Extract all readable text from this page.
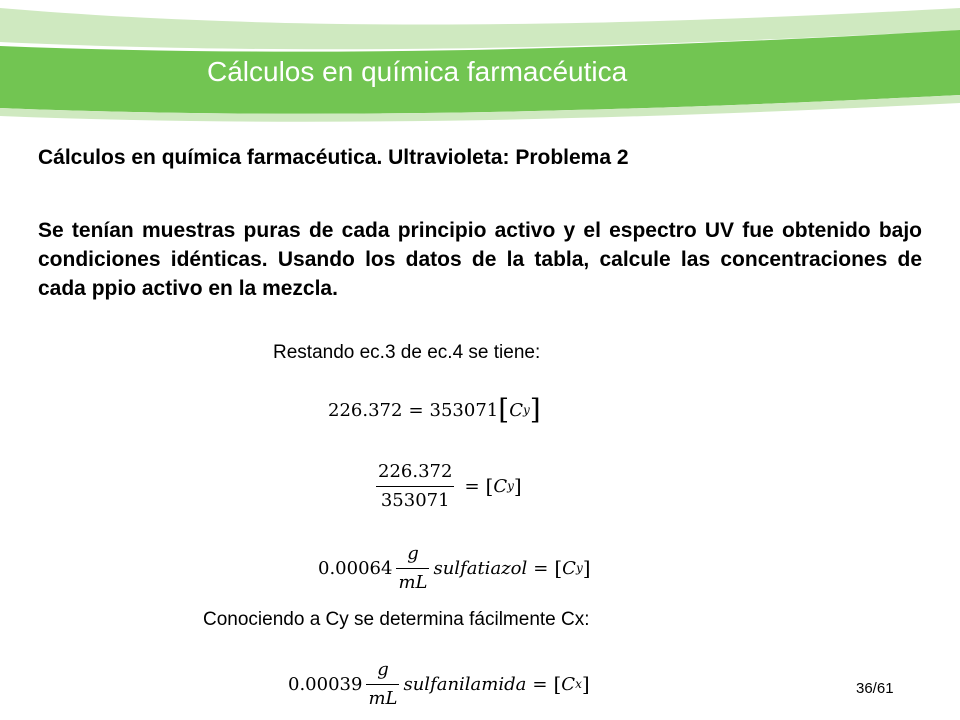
Cálculos en química farmacéutica
Cálculos en química farmacéutica. Ultravioleta: Problema 2
Se tenían muestras puras de cada principio activo y el espectro UV fue obtenido bajo condiciones idénticas. Usando los datos de la tabla, calcule las concentraciones de cada ppio activo en la mezcla.
Restando ec.3 de ec.4 se tiene:
226.372 = 353071 [ C y ]
$\frac{226.372}{353071}$ = [ C y ]
$0.00064 \frac{g}{mL}$ sulfatiazol = [ C y ]
Conociendo a Cy se determina fácilmente Cx:
$0.00039 \frac{g}{mL}$ sulfanilamida = [ C x ]	36/61
